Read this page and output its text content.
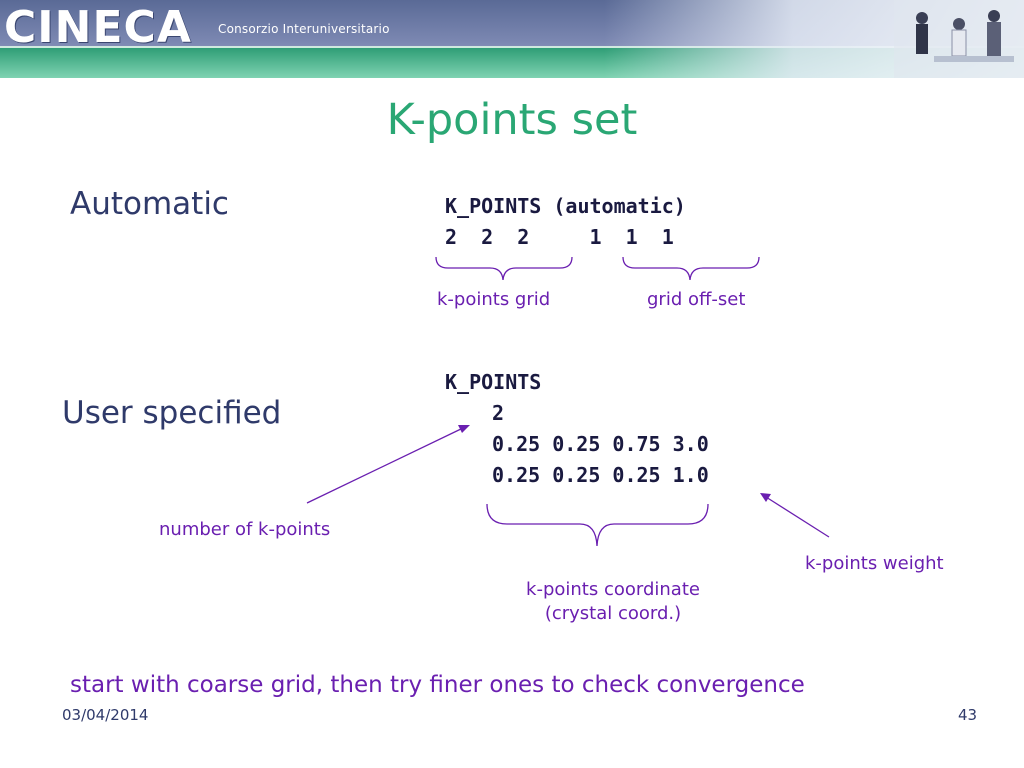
CINECA Consorzio Interuniversitario
K-points set
Automatic	K_POINTS (automatic)
2  2  2     1  1  1
k-points grid	grid off-set
User specified
K_POINTS
2
0.25 0.25 0.75 3.0
0.25 0.25 0.25 1.0
number of k-points
k-points weight
k-points coordinate
(crystal coord.)
start with coarse grid, then try finer ones to check convergence
03/04/2014	43
